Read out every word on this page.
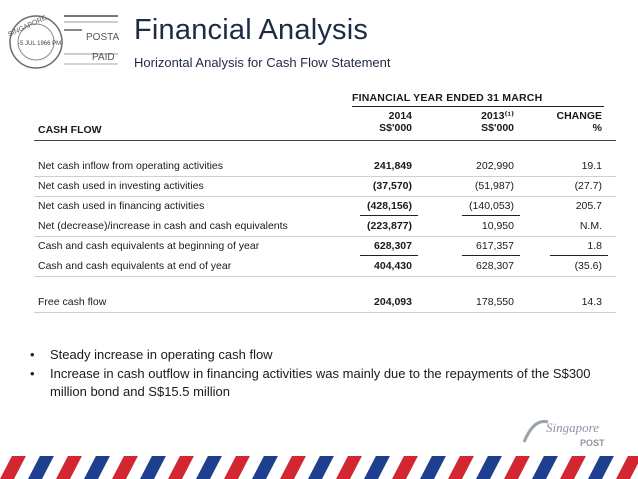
SINGAPORE
-5 JUL 1966 PM
POSTA
PAID
Financial Analysis
Horizontal Analysis for Cash Flow Statement
FINANCIAL YEAR ENDED 31 MARCH
2014
S$'000
2013⁽¹⁾
S$'000
CHANGE
%
CASH FLOW
Net cash inflow from operating activities	241,849	202,990	19.1
Net cash used in investing activities	(37,570)	(51,987)	(27.7)
Net cash used in financing activities	(428,156)	(140,053)	205.7
Net (decrease)/increase in cash and cash equivalents	(223,877)	10,950	N.M.
Cash and cash equivalents at beginning of year	628,307	617,357	1.8
Cash and cash equivalents at end of year	404,430	628,307	(35.6)
Free cash flow	204,093	178,550	14.3
• Steady increase in operating cash flow
• Increase in cash outflow in financing activities was mainly due to the repayments of the S$300 million bond and S$15.5 million
Singapore
POST
